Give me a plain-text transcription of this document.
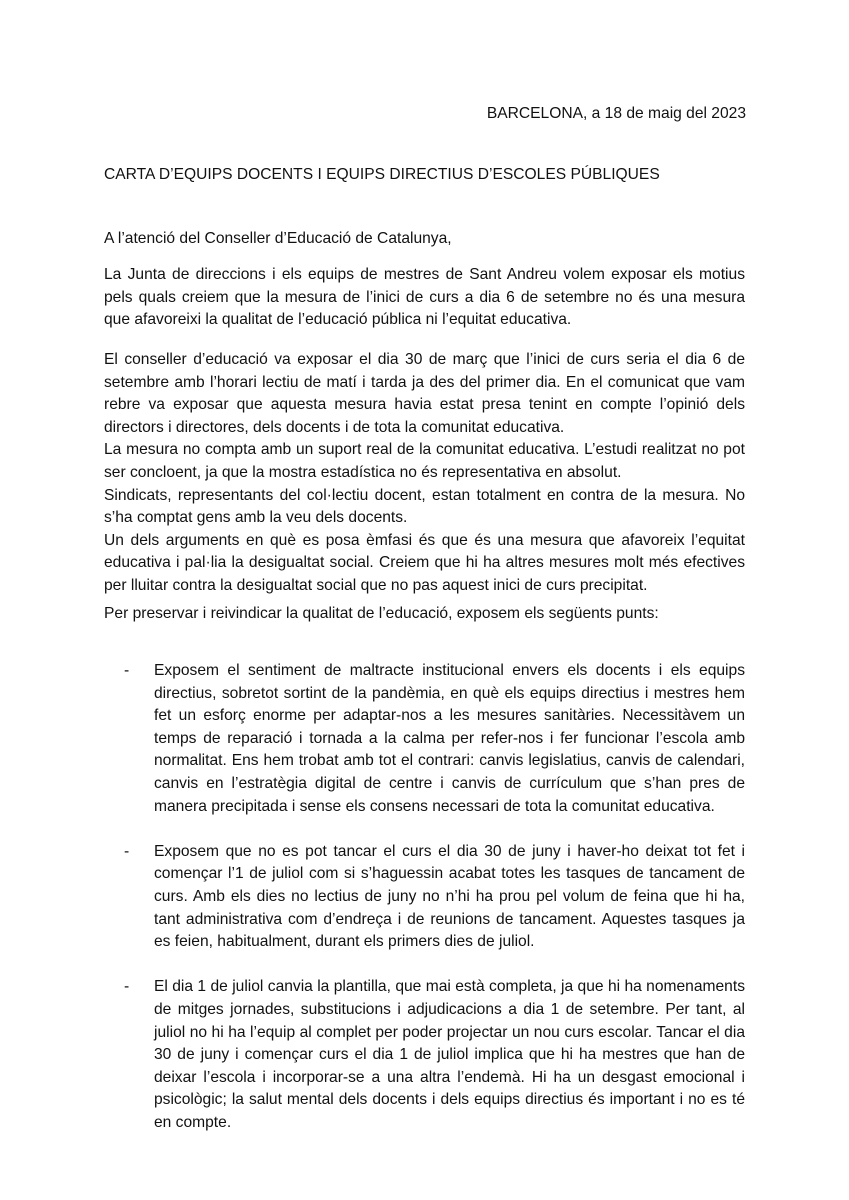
BARCELONA, a 18 de maig del 2023
CARTA D’EQUIPS DOCENTS I EQUIPS DIRECTIUS D’ESCOLES PÚBLIQUES
A l’atenció del Conseller d’Educació de Catalunya,

La Junta de direccions i els equips de mestres de Sant Andreu volem exposar els motius pels quals creiem que la mesura de l’inici de curs a dia 6 de setembre no és una mesura que afavoreixi la qualitat de l’educació pública ni l’equitat educativa.

El conseller d’educació va exposar el dia 30 de març que l’inici de curs seria el dia 6 de setembre amb l’horari lectiu de matí i tarda ja des del primer dia. En el comunicat que vam rebre va exposar que aquesta mesura havia estat presa tenint en compte l’opinió dels directors i directores, dels docents i de tota la comunitat educativa.

La mesura no compta amb un suport real de la comunitat educativa. L’estudi realitzat no pot ser concloent, ja que la mostra estadística no és representativa en absolut.

Sindicats, representants del col·lectiu docent, estan totalment en contra de la mesura. No s’ha comptat gens amb la veu dels docents.

Un dels arguments en què es posa èmfasi és que és una mesura que afavoreix l’equitat educativa i pal·lia la desigualtat social. Creiem que hi ha altres mesures molt més efectives per lluitar contra la desigualtat social que no pas aquest inici de curs precipitat.

Per preservar i reivindicar la qualitat de l’educació, exposem els següents punts:

- Exposem el sentiment de maltracte institucional envers els docents i els equips directius, sobretot sortint de la pandèmia, en què els equips directius i mestres hem fet un esforç enorme per adaptar-nos a les mesures sanitàries. Necessitàvem un temps de reparació i tornada a la calma per refer-nos i fer funcionar l’escola amb normalitat. Ens hem trobat amb tot el contrari: canvis legislatius, canvis de calendari, canvis en l’estratègia digital de centre i canvis de currículum que s’han pres de manera precipitada i sense els consens necessari de tota la comunitat educativa.
- Exposem que no es pot tancar el curs el dia 30 de juny i haver-ho deixat tot fet i començar l’1 de juliol com si s’haguessin acabat totes les tasques de tancament de curs. Amb els dies no lectius de juny no n’hi ha prou pel volum de feina que hi ha, tant administrativa com d’endreça i de reunions de tancament. Aquestes tasques ja es feien, habitualment, durant els primers dies de juliol.
- El dia 1 de juliol canvia la plantilla, que mai està completa, ja que hi ha nomenaments de mitges jornades, substitucions i adjudicacions a dia 1 de setembre. Per tant, al juliol no hi ha l’equip al complet per poder projectar un nou curs escolar. Tancar el dia 30 de juny i començar curs el dia 1 de juliol implica que hi ha mestres que han de deixar l’escola i incorporar-se a una altra l’endemà. Hi ha un desgast emocional i psicològic; la salut mental dels docents i dels equips directius és important i no es té en compte.
